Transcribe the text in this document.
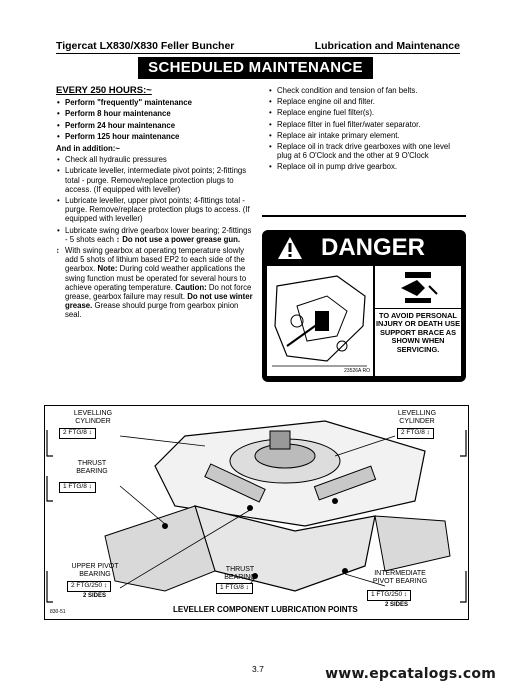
Tigercat LX830/X830 Feller Buncher	Lubrication and Maintenance
SCHEDULED MAINTENANCE
EVERY 250 HOURS:~
• Perform "frequently" maintenance
• Perform 8 hour maintenance
• Perform 24 hour maintenance
• Perform 125 hour maintenance
And in addition:~
• Check all hydraulic pressures
• Lubricate leveller, intermediate pivot points; 2-fittings total - purge. Remove/replace protection plugs to access. (If equipped with leveller)
• Lubricate leveller, upper pivot points; 4-fittings total - purge. Remove/replace protection plugs to access. (If equipped with leveller)
• Lubricate swing drive gearbox lower bearing; 2-fittings - 5 shots each ↕ Do not use a power grease gun.
↕ With swing gearbox at operating temperature slowly add 5 shots of lithium based EP2 to each side of the gearbox. Note: During cold weather applications the swing function must be operated for several hours to achieve operating temperature. Caution: Do not force grease, gearbox failure may result. Do not use winter grease. Grease should purge from gearbox pinion seal.
• Check condition and tension of fan belts.
• Replace engine oil and filter.
• Replace engine fuel filter(s).
• Replace filter in fuel filter/water separator.
• Replace air intake primary element.
• Replace oil in track drive gearboxes with one level plug at 6 O'Clock and the other at 9 O'Clock
• Replace oil in pump drive gearbox.
DANGER
23526A RO
TO AVOID PERSONAL INJURY OR DEATH USE SUPPORT BRACE AS SHOWN WHEN SERVICING.
LEVELLING CYLINDER
2 FTG/8 ↕
LEVELLING CYLINDER
2 FTG/8 ↕
THRUST BEARING
1 FTG/8 ↕
UPPER PIVOT BEARING
2 FTG/250 ↕
2 SIDES
THRUST BEARING
1 FTG/8 ↕
INTERMEDIATE PIVOT BEARING
1 FTG/250 ↕
2 SIDES
LEVELLER COMPONENT LUBRICATION POINTS
830-51
3.7	www.epcatalogs.com
